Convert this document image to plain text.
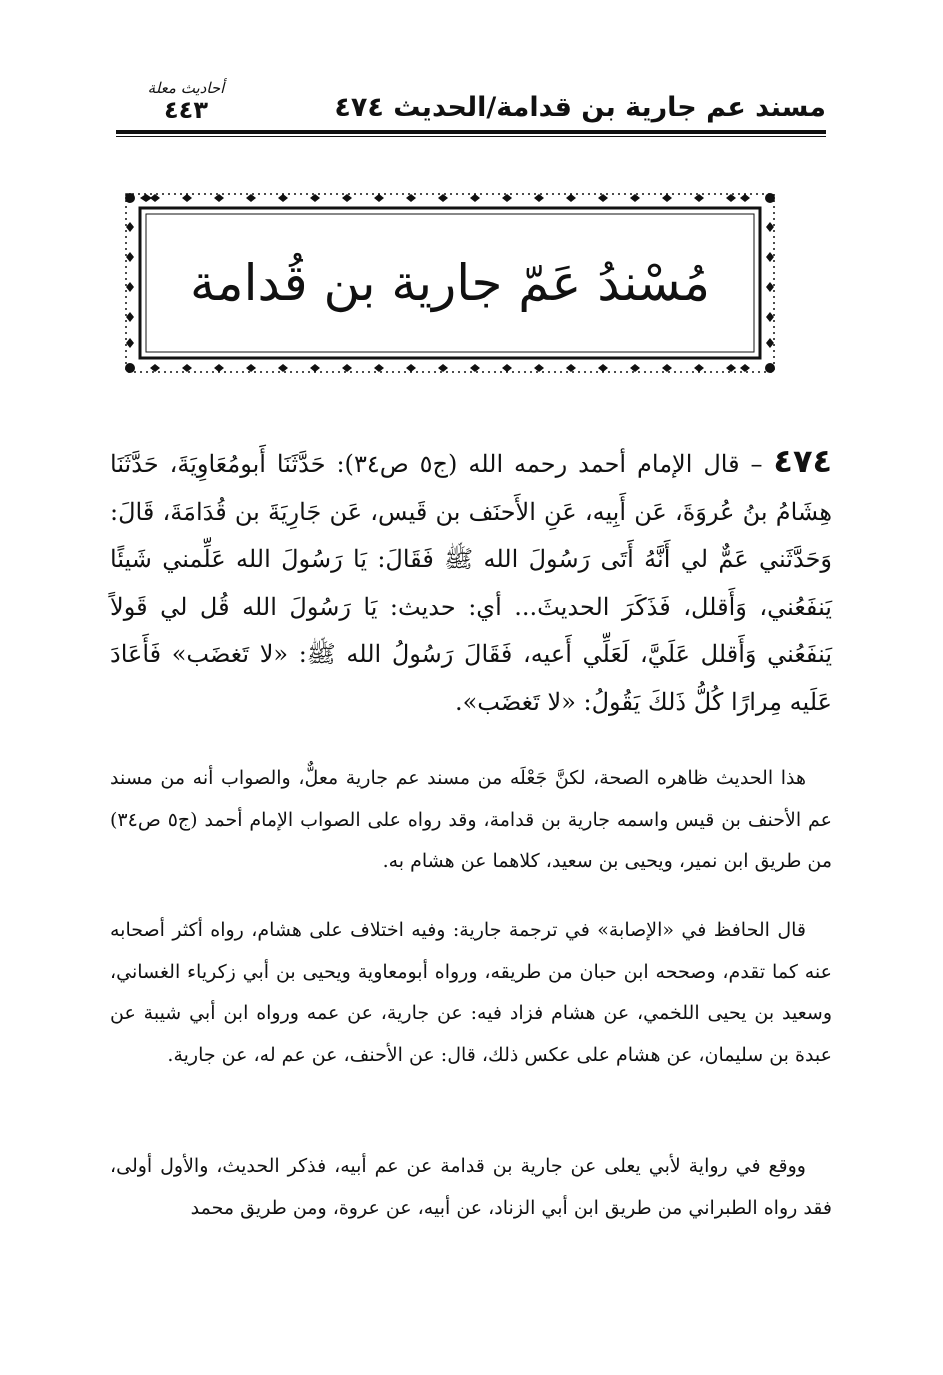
مسند عم جارية بن قدامة/الحديث ٤٧٤
أحاديث معلة
٤٤٣
مُسْندُ عَمّ جارية بن قُدامة
٤٧٤ – قال الإمام أحمد رحمه الله (ج٥ ص٣٤): حَدَّثَنَا أَبومُعَاوِيَةَ، حَدَّثَنَا هِشَامُ بنُ عُروَةَ، عَن أَبِيه، عَنِ الأَحنَف بن قَيس، عَن جَارِيَةَ بن قُدَامَةَ، قَالَ: وَحَدَّثَني عَمٌّ لي أَنَّهُ أَتَى رَسُولَ الله ﷺ فَقَالَ: يَا رَسُولَ الله عَلِّمني شَيئًا يَنفَعُني، وَأَقلل، فَذَكَرَ الحديثَ... أي: حديث: يَا رَسُولَ الله قُل لي قَولاً يَنفَعُني وَأَقلل عَلَيَّ، لَعَلِّي أَعيه، فَقَالَ رَسُولُ الله ﷺ: «لا تَغضَب» فَأَعَادَ عَلَيه مِرارًا كُلُّ ذَلكَ يَقُولُ: «لا تَغضَب».
هذا الحديث ظاهره الصحة، لكنَّ جَعْلَه من مسند عم جارية معلٌّ، والصواب أنه من مسند عم الأحنف بن قيس واسمه جارية بن قدامة، وقد رواه على الصواب الإمام أحمد (ج٥ ص٣٤) من طريق ابن نمير، ويحيى بن سعيد، كلاهما عن هشام به.
قال الحافظ في «الإصابة» في ترجمة جارية: وفيه اختلاف على هشام، رواه أكثر أصحابه عنه كما تقدم، وصححه ابن حبان من طريقه، ورواه أبومعاوية ويحيى بن أبي زكرياء الغساني، وسعيد بن يحيى اللخمي، عن هشام فزاد فيه: عن جارية، عن عمه ورواه ابن أبي شيبة عن عبدة بن سليمان، عن هشام على عكس ذلك، قال: عن الأحنف، عن عم له، عن جارية.
ووقع في رواية لأبي يعلى عن جارية بن قدامة عن عم أبيه، فذكر الحديث، والأول أولى، فقد رواه الطبراني من طريق ابن أبي الزناد، عن أبيه، عن عروة، ومن طريق محمد
